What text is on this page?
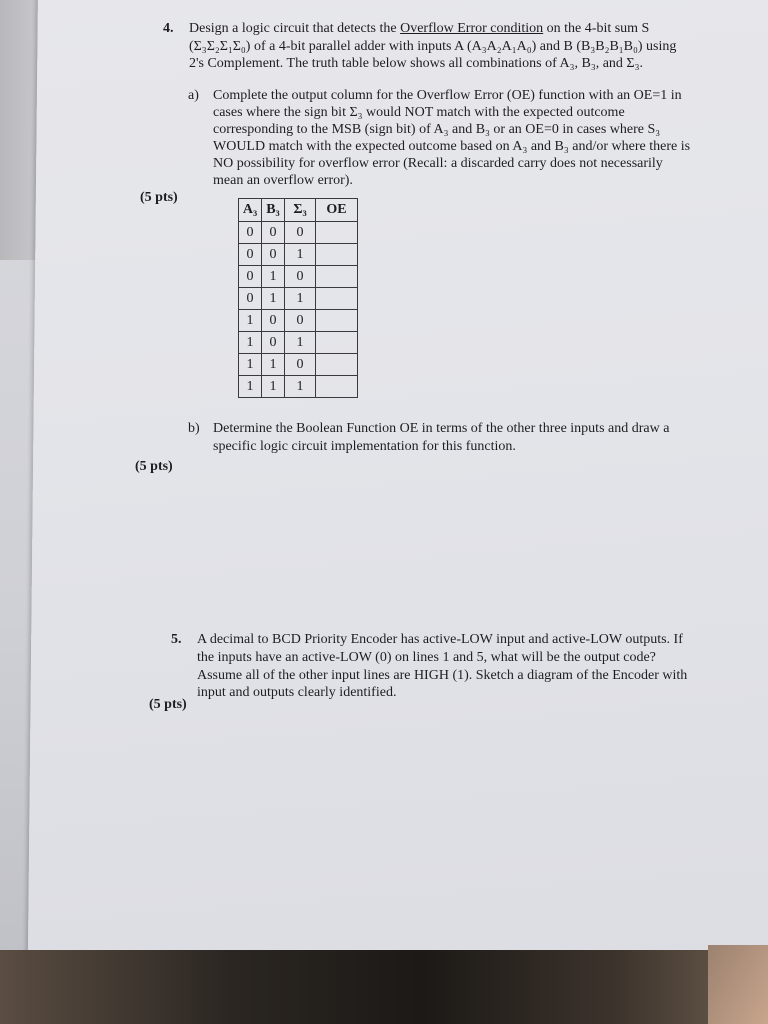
4. Design a logic circuit that detects the Overflow Error condition on the 4-bit sum S
(Σ₃Σ₂Σ₁Σ₀) of a 4-bit parallel adder with inputs A (A₃A₂A₁A₀) and B (B₃B₂B₁B₀) using
2's Complement. The truth table below shows all combinations of A₃, B₃, and Σ₃.
a) Complete the output column for the Overflow Error (OE) function with an OE=1 in
cases where the sign bit Σ₃ would NOT match with the expected outcome
corresponding to the MSB (sign bit) of A₃ and B₃ or an OE=0 in cases where S₃
WOULD match with the expected outcome based on A₃ and B₃ and/or where there is
NO possibility for overflow error (Recall: a discarded carry does not necessarily
mean an overflow error).
(5 pts)
A₃	B₃	Σ₃	OE
0	0	0	
0	0	1	
0	1	0	
0	1	1	
1	0	0	
1	0	1	
1	1	0	
1	1	1	
b) Determine the Boolean Function OE in terms of the other three inputs and draw a
specific logic circuit implementation for this function.
(5 pts)
5. A decimal to BCD Priority Encoder has active-LOW input and active-LOW outputs. If
the inputs have an active-LOW (0) on lines 1 and 5, what will be the output code?
Assume all of the other input lines are HIGH (1). Sketch a diagram of the Encoder with
input and outputs clearly identified.
(5 pts)
